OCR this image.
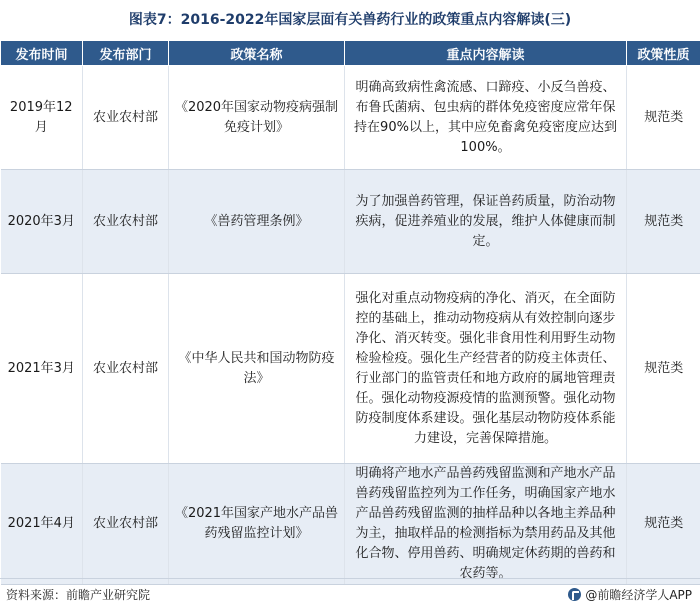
图表7：2016-2022年国家层面有关兽药行业的政策重点内容解读(三)
发布时间	发布部门	政策名称	重点内容解读	政策性质
2019年12月	农业农村部	《2020年国家动物疫病强制免疫计划》	明确高致病性禽流感、口蹄疫、小反刍兽疫、布鲁氏菌病、包虫病的群体免疫密度应常年保持在90%以上，其中应免畜禽免疫密度应达到100%。	规范类
2020年3月	农业农村部	《兽药管理条例》	为了加强兽药管理，保证兽药质量，防治动物疾病，促进养殖业的发展，维护人体健康而制定。	规范类
2021年3月	农业农村部	《中华人民共和国动物防疫法》	强化对重点动物疫病的净化、消灭，在全面防控的基础上，推动动物疫病从有效控制向逐步净化、消灭转变。强化非食用性利用野生动物检验检疫。强化生产经营者的防疫主体责任、行业部门的监管责任和地方政府的属地管理责任。强化动物疫源疫情的监测预警。强化动物防疫制度体系建设。强化基层动物防疫体系能力建设，完善保障措施。	规范类
2021年4月	农业农村部	《2021年国家产地水产品兽药残留监控计划》	明确将产地水产品兽药残留监测和产地水产品兽药残留监控列为工作任务，明确国家产地水产品兽药残留监测的抽样品种以各地主养品种为主，抽取样品的检测指标为禁用药品及其他化合物、停用兽药、明确规定休药期的兽药和农药等。	规范类
资料来源：前瞻产业研究院	@前瞻经济学人APP
